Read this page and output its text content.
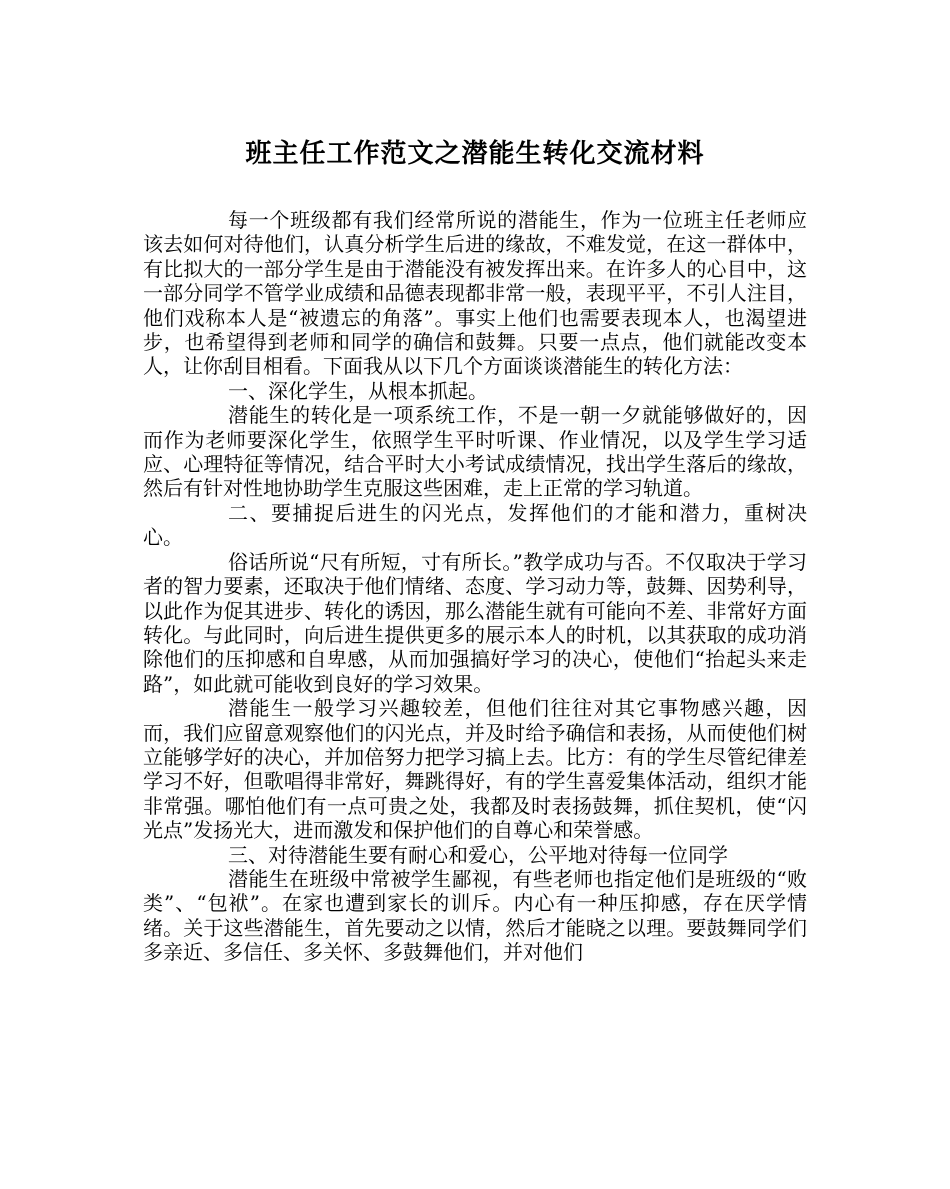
班主任工作范文之潜能生转化交流材料

每一个班级都有我们经常所说的潜能生，作为一位班主任老师应该去如何对待他们，认真分析学生后进的缘故，不难发觉，在这一群体中，有比拟大的一部分学生是由于潜能没有被发挥出来。在许多人的心目中，这一部分同学不管学业成绩和品德表现都非常一般，表现平平，不引人注目，他们戏称本人是“被遗忘的角落”。事实上他们也需要表现本人，也渴望进步，也希望得到老师和同学的确信和鼓舞。只要一点点，他们就能改变本人，让你刮目相看。下面我从以下几个方面谈谈潜能生的转化方法：

一、深化学生，从根本抓起。

潜能生的转化是一项系统工作，不是一朝一夕就能够做好的，因而作为老师要深化学生，依照学生平时听课、作业情况，以及学生学习适应、心理特征等情况，结合平时大小考试成绩情况，找出学生落后的缘故，然后有针对性地协助学生克服这些困难，走上正常的学习轨道。

二、要捕捉后进生的闪光点，发挥他们的才能和潜力，重树决心。

俗话所说“尺有所短，寸有所长。”教学成功与否。不仅取决于学习者的智力要素，还取决于他们情绪、态度、学习动力等，鼓舞、因势利导，以此作为促其进步、转化的诱因，那么潜能生就有可能向不差、非常好方面转化。与此同时，向后进生提供更多的展示本人的时机，以其获取的成功消除他们的压抑感和自卑感，从而加强搞好学习的决心，使他们“抬起头来走路”，如此就可能收到良好的学习效果。

潜能生一般学习兴趣较差，但他们往往对其它事物感兴趣，因而，我们应留意观察他们的闪光点，并及时给予确信和表扬，从而使他们树立能够学好的决心，并加倍努力把学习搞上去。比方：有的学生尽管纪律差学习不好，但歌唱得非常好，舞跳得好，有的学生喜爱集体活动，组织才能非常强。哪怕他们有一点可贵之处，我都及时表扬鼓舞，抓住契机，使“闪光点”发扬光大，进而激发和保护他们的自尊心和荣誉感。

三、对待潜能生要有耐心和爱心，公平地对待每一位同学

潜能生在班级中常被学生鄙视，有些老师也指定他们是班级的“败类”、“包袱”。在家也遭到家长的训斥。内心有一种压抑感，存在厌学情绪。关于这些潜能生，首先要动之以情，然后才能晓之以理。要鼓舞同学们多亲近、多信任、多关怀、多鼓舞他们，并对他们
